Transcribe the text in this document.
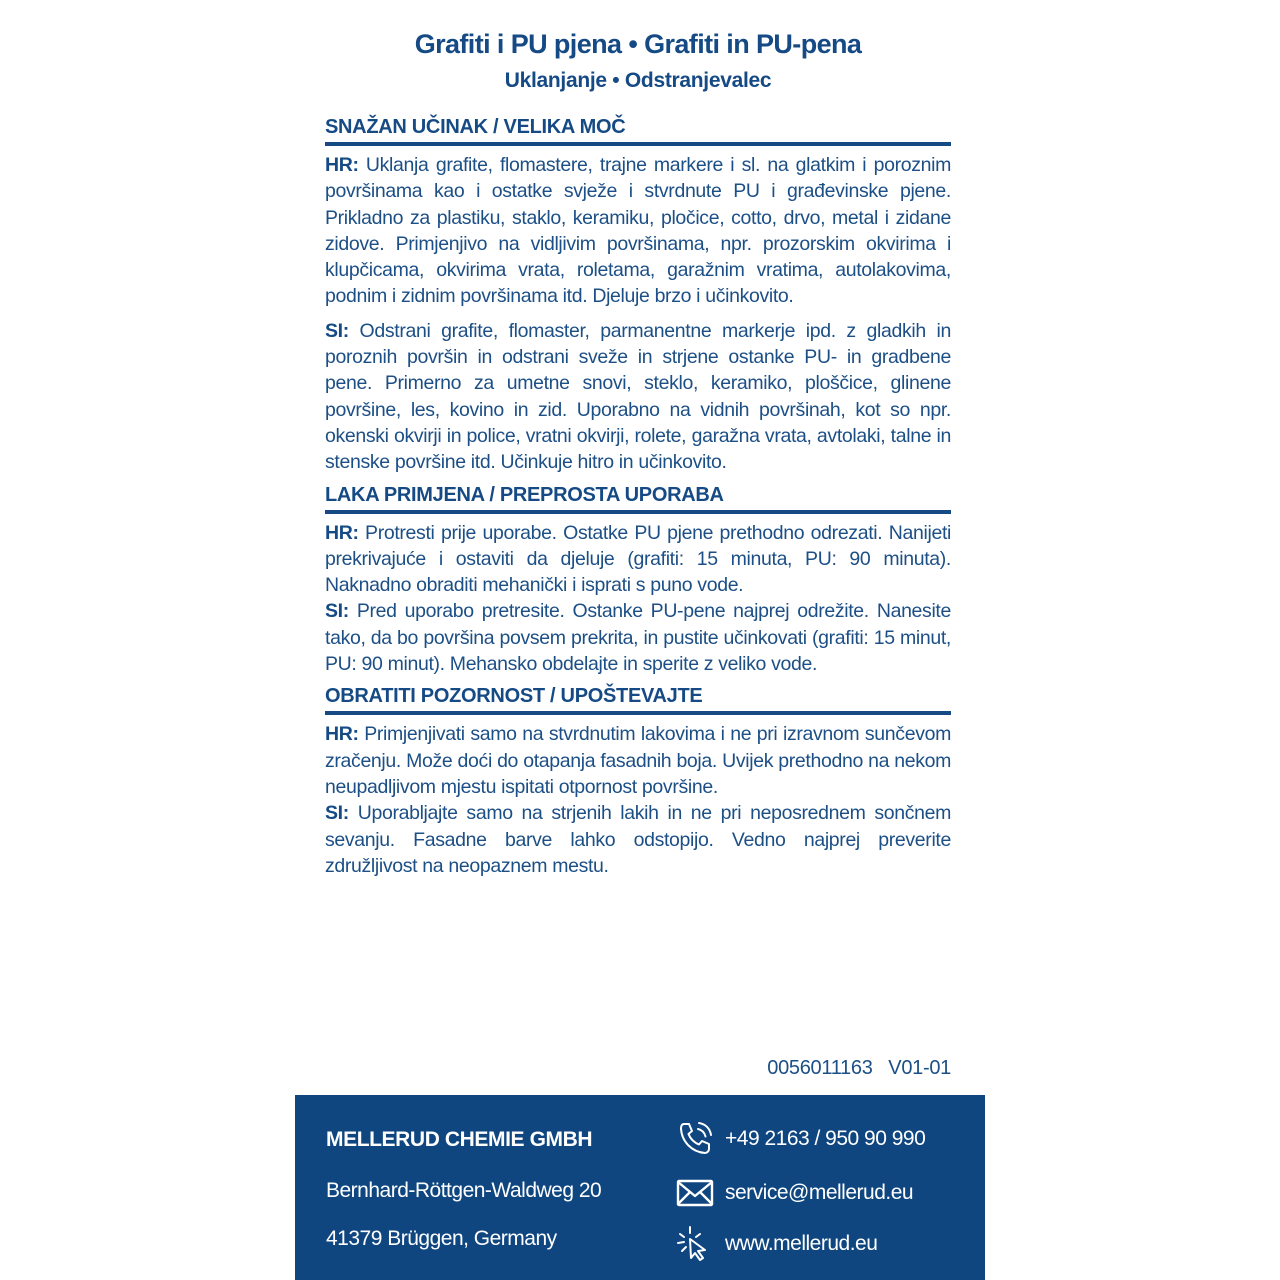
Grafiti i PU pjena • Grafiti in PU-pena
Uklanjanje • Odstranjevalec
SNAŽAN UČINAK / VELIKA MOČ

HR: Uklanjа grafite, flomastere, trajne markere i sl. na glatkim i poroznim površinama kao i ostatke svježe i stvrdnute PU i građevinske pjene. Prikladno za plastiku, staklo, keramiku, pločice, cotto, drvo, metal i zidane zidove. Primjenjivo na vidljivim površinama, npr. prozorskim okvirima i klupčicama, okvirima vrata, roletama, garažnim vratima, autolakovima, podnim i zidnim površinama itd. Djeluje brzo i učinkovito.

SI: Odstrani grafite, flomaster, parmanentne markerje ipd. z gladkih in poroznih površin in odstrani sveže in strjene ostanke PU- in gradbene pene. Primerno za umetne snovi, steklo, keramiko, ploščice, glinene površine, les, kovino in zid. Uporabno na vidnih površinah, kot so npr. okenski okvirji in police, vratni okvirji, rolete, garažna vrata, avtolaki, talne in stenske površine itd. Učinkuje hitro in učinkovito.

LAKA PRIMJENA / PREPROSTA UPORABA

HR: Protresti prije uporabe. Ostatke PU pjene prethodno odrezati. Nanijeti prekrivajuće i ostaviti da djeluje (grafiti: 15 minuta, PU: 90 minuta). Naknadno obraditi mehanički i isprati s puno vode.

SI: Pred uporabo pretresite. Ostanke PU-pene najprej odrežite. Nanesite tako, da bo površina povsem prekrita, in pustite učinkovati (grafiti: 15 minut, PU: 90 minut). Mehansko obdelajte in sperite z veliko vode.

OBRATITI POZORNOST / UPOŠTEVAJTE

HR: Primjenjivati samo na stvrdnutim lakovima i ne pri izravnom sunčevom zračenju. Može doći do otapanja fasadnih boja. Uvijek prethodno na nekom neupadljivom mjestu ispitati otpornost površine.

SI: Uporabljajte samo na strjenih lakih in ne pri neposrednem sončnem sevanju. Fasadne barve lahko odstopijo. Vedno najprej preverite združljivost na neopaznem mestu.

0056011163 V01-01
MELLERUD CHEMIE GMBH
Bernhard-Röttgen-Waldweg 20
41379 Brüggen, Germany
+49 2163 / 950 90 990
service@mellerud.eu
www.mellerud.eu
